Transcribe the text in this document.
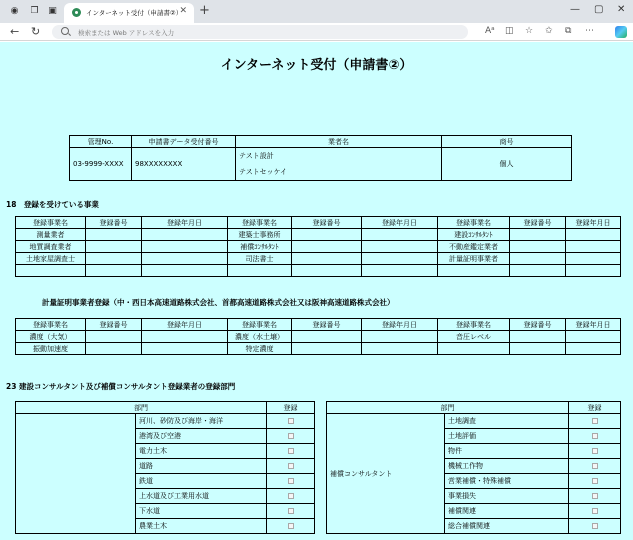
◉ ❐ ▣	インターネット受付（申請書②）
✕ +	— ▢ ✕
← ↻	検索または Web アドレスを入力	Aᵃ ◫ ☆ ✩ ⧉ ⋯
インターネット受付（申請書②）
管理No.	申請書データ受付番号	業者名	商号
03-9999-XXXX	98XXXXXXXX	テスト設計
テストセッケイ	個人
18　登録を受けている事業
登録事業名	登録番号	登録年月日	登録事業名	登録番号	登録年月日	登録事業名	登録番号	登録年月日
測量業者			建築士事務所			建設ｺﾝｻﾙﾀﾝﾄ		
地質調査業者			補償ｺﾝｻﾙﾀﾝﾄ			不動産鑑定業者		
土地家屋調査士			司法書士			計量証明事業者		

計量証明事業者登録（中・西日本高速道路株式会社、首都高速道路株式会社又は阪神高速道路株式会社）
登録事業名	登録番号	登録年月日	登録事業名	登録番号	登録年月日	登録事業名	登録番号	登録年月日
濃度（大気）			濃度（水土壌）			音圧レベル		
振動加速度			特定濃度					
23 建設コンサルタント及び補償コンサルタント登録業者の登録部門
部門		登録
	河川、砂防及び海岸・海洋	
	港湾及び空港	
	電力土木	
	道路	
	鉄道	
	上水道及び工業用水道	
	下水道	
	農業土木	
部門		登録
補償コンサルタント	土地調査	
	土地評価	
	物件	
	機械工作物	
	営業補償・特殊補償	
	事業損失	
	補償関連	
	総合補償関連	
